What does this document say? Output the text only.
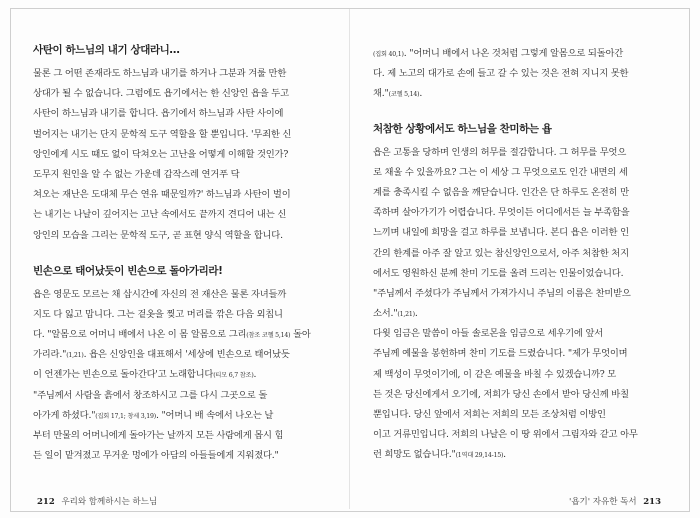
사탄이 하느님의 내기 상대라니…
물론 그 어떤 존재라도 하느님과 내기를 하거나 그분과 겨룰 만한
상대가 될 수 없습니다. 그럼에도 욥기에서는 한 신앙인 욥을 두고
사탄이 하느님과 내기를 합니다. 욥기에서 하느님과 사탄 사이에
벌어지는 내기는 단지 문학적 도구 역할을 할 뿐입니다. '무죄한 신
앙인에게 시도 때도 없이 닥쳐오는 고난을 어떻게 이해할 것인가?
도무지 원인을 알 수 없는 가운데 갑작스레 연거푸 닥
쳐오는 재난은 도대체 무슨 연유 때문일까?' 하느님과 사탄이 벌이
는 내기는 나날이 깊어지는 고난 속에서도 끝까지 견디어 내는 신
앙인의 모습을 그리는 문학적 도구, 곧 표현 양식 역할을 합니다.
빈손으로 태어났듯이 빈손으로 돌아가리라!
욥은 영문도 모르는 채 삽시간에 자신의 전 재산은 물론 자녀들까
지도 다 잃고 맙니다. 그는 겉옷을 찢고 머리를 깎은 다음 외칩니
다. "알몸으로 어머니 배에서 나온 이 몸 알몸으로 그리(참조 코헬 5,14) 돌아
가리라."(1,21). 욥은 신앙인을 대표해서 '세상에 빈손으로 태어났듯
이 언젠가는 빈손으로 돌아간다'고 노래합니다(티모 6,7 참조).
"주님께서 사람을 흙에서 창조하시고 그를 다시 그곳으로 돌
아가게 하셨다."(집회 17,1; 창세 3,19). "어머니 배 속에서 나오는 날
부터 만물의 어머니에게 돌아가는 날까지 모든 사람에게 몹시 힘
든 일이 맡겨졌고 무거운 멍에가 아담의 아들들에게 지워졌다."
(집회 40,1). "어머니 배에서 나온 것처럼 그렇게 알몸으로 되돌아간
다. 제 노고의 대가로 손에 들고 갈 수 있는 것은 전혀 지니지 못한
채."(코헬 5,14).
처참한 상황에서도 하느님을 찬미하는 욥
욥은 고통을 당하며 인생의 허무를 절감합니다. 그 허무를 무엇으
로 채울 수 있을까요? 그는 이 세상 그 무엇으로도 인간 내면의 세
계를 충족시킬 수 없음을 깨닫습니다. 인간은 단 하루도 온전히 만
족하며 살아가기가 어렵습니다. 무엇이든 어디에서든 늘 부족함을
느끼며 내일에 희망을 걸고 하루를 보냅니다. 본디 욥은 이러한 인
간의 한계를 아주 잘 알고 있는 참신앙인으로서, 아주 처참한 처지
에서도 영원하신 분께 찬미 기도를 올려 드리는 인물이었습니다.
"주님께서 주셨다가 주님께서 가져가시니 주님의 이름은 찬미받으
소서."(1,21).
다윗 임금은 말씀이 아들 솔로몬을 임금으로 세우기에 앞서
주님께 예물을 봉헌하며 찬미 기도를 드렸습니다. "제가 무엇이며
제 백성이 무엇이기에, 이 같은 예물을 바칠 수 있겠습니까? 모
든 것은 당신에게서 오기에, 저희가 당신 손에서 받아 당신께 바칠
뿐입니다. 당신 앞에서 저희는 저희의 모든 조상처럼 이방인
이고 거류민입니다. 저희의 나날은 이 땅 위에서 그림자와 같고 아무
런 희망도 없습니다."(1역대 29,14-15).
212 우리와 함께하시는 하느님	'욥기' 자유한 독서 213
